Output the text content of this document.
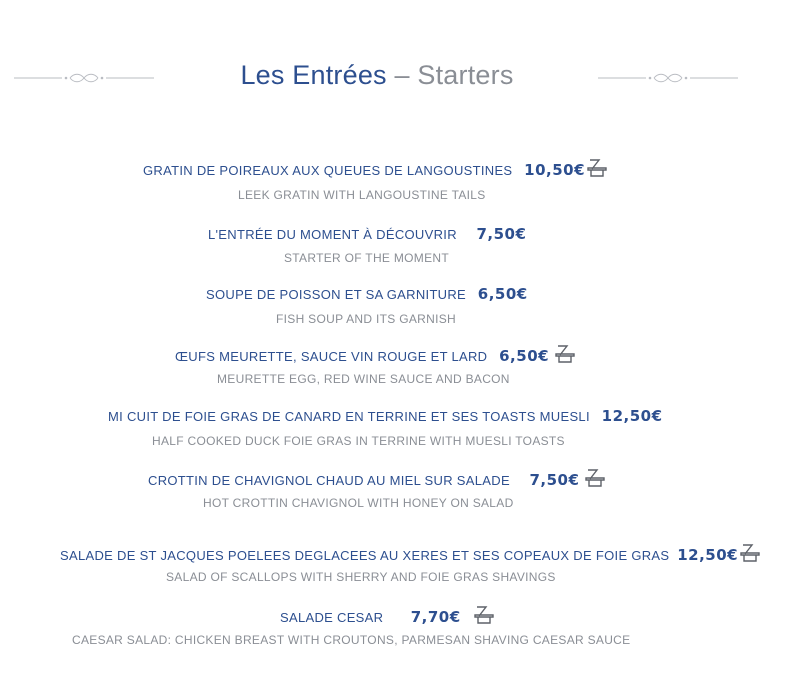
Les Entrées – Starters
GRATIN DE POIREAUX AUX QUEUES DE LANGOUSTINES 10,50€
LEEK GRATIN WITH LANGOUSTINE TAILS
L'ENTRÉE DU MOMENT À DÉCOUVRIR 7,50€
STARTER OF THE MOMENT
SOUPE DE POISSON ET SA GARNITURE 6,50€
FISH SOUP AND ITS GARNISH
ŒUFS MEURETTE, SAUCE VIN ROUGE ET LARD 6,50€
MEURETTE EGG, RED WINE SAUCE AND BACON
MI CUIT DE FOIE GRAS DE CANARD EN TERRINE ET SES TOASTS MUESLI 12,50€
HALF COOKED DUCK FOIE GRAS IN TERRINE WITH MUESLI TOASTS
CROTTIN DE CHAVIGNOL CHAUD AU MIEL SUR SALADE 7,50€
HOT CROTTIN CHAVIGNOL WITH HONEY ON SALAD
SALADE DE ST JACQUES POELEES DEGLACEES AU XERES ET SES COPEAUX DE FOIE GRAS 12,50€
SALAD OF SCALLOPS WITH SHERRY AND FOIE GRAS SHAVINGS
SALADE CESAR 7,70€
CAESAR SALAD: CHICKEN BREAST WITH CROUTONS, PARMESAN SHAVING CAESAR SAUCE
